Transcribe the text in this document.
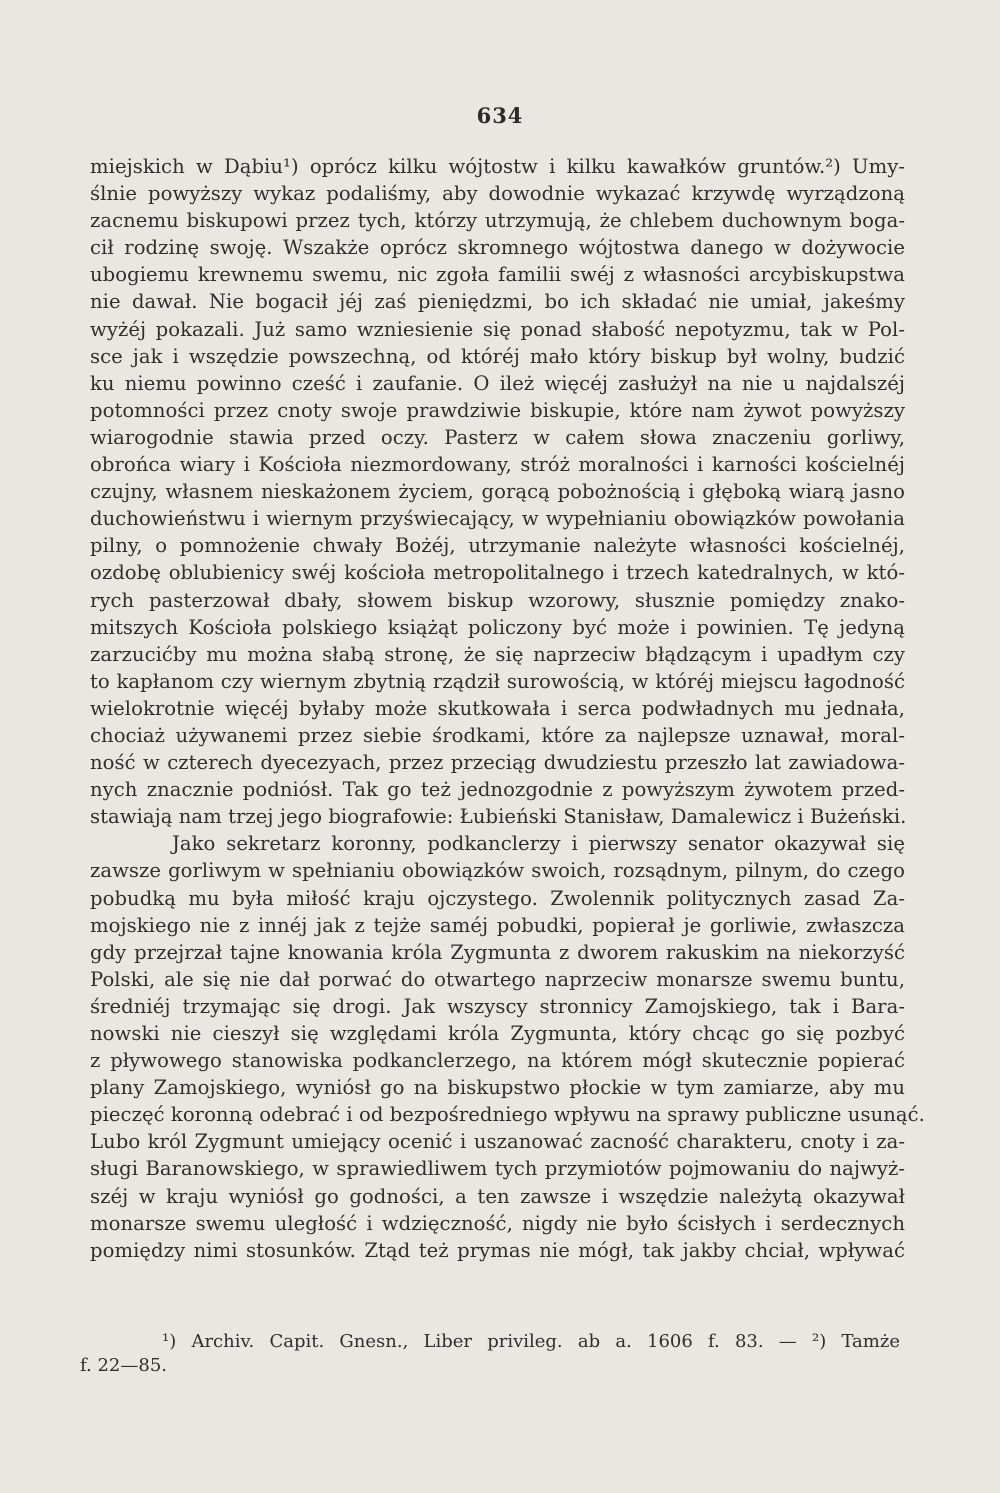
634
miejskich w Dąbiu¹) oprócz kilku wójtostw i kilku kawałków gruntów.²) Umy-
ślnie powyższy wykaz podaliśmy, aby dowodnie wykazać krzywdę wyrządzoną
zacnemu biskupowi przez tych, którzy utrzymują, że chlebem duchownym boga-
cił rodzinę swoję. Wszakże oprócz skromnego wójtostwa danego w dożywocie
ubogiemu krewnemu swemu, nic zgoła familii swéj z własności arcybiskupstwa
nie dawał. Nie bogacił jéj zaś pieniędzmi, bo ich składać nie umiał, jakeśmy
wyżéj pokazali. Już samo wzniesienie się ponad słabość nepotyzmu, tak w Pol-
sce jak i wszędzie powszechną, od któréj mało który biskup był wolny, budzić
ku niemu powinno cześć i zaufanie. O ileż więcéj zasłużył na nie u najdalszéj
potomności przez cnoty swoje prawdziwie biskupie, które nam żywot powyższy
wiarogodnie stawia przed oczy. Pasterz w całem słowa znaczeniu gorliwy,
obrońca wiary i Kościoła niezmordowany, stróż moralności i karności kościelnéj
czujny, własnem nieskażonem życiem, gorącą pobożnością i głęboką wiarą jasno
duchowieństwu i wiernym przyświecający, w wypełnianiu obowiązków powołania
pilny, o pomnożenie chwały Bożéj, utrzymanie należyte własności kościelnéj,
ozdobę oblubienicy swéj kościoła metropolitalnego i trzech katedralnych, w któ-
rych pasterzował dbały, słowem biskup wzorowy, słusznie pomiędzy znako-
mitszych Kościoła polskiego książąt policzony być może i powinien. Tę jedyną
zarzucićby mu można słabą stronę, że się naprzeciw błądzącym i upadłym czy
to kapłanom czy wiernym zbytnią rządził surowością, w któréj miejscu łagodność
wielokrotnie więcéj byłaby może skutkowała i serca podwładnych mu jednała,
chociaż używanemi przez siebie środkami, które za najlepsze uznawał, moral-
ność w czterech dyecezyach, przez przeciąg dwudziestu przeszło lat zawiadowa-
nych znacznie podniósł. Tak go też jednozgodnie z powyższym żywotem przed-
stawiają nam trzej jego biografowie: Łubieński Stanisław, Damalewicz i Bużeński.
Jako sekretarz koronny, podkanclerzy i pierwszy senator okazywał się
zawsze gorliwym w spełnianiu obowiązków swoich, rozsądnym, pilnym, do czego
pobudką mu była miłość kraju ojczystego. Zwolennik politycznych zasad Za-
mojskiego nie z innéj jak z tejże saméj pobudki, popierał je gorliwie, zwłaszcza
gdy przejrzał tajne knowania króla Zygmunta z dworem rakuskim na niekorzyść
Polski, ale się nie dał porwać do otwartego naprzeciw monarsze swemu buntu,
średniéj trzymając się drogi. Jak wszyscy stronnicy Zamojskiego, tak i Bara-
nowski nie cieszył się względami króla Zygmunta, który chcąc go się pozbyć
z pływowego stanowiska podkanclerzego, na którem mógł skutecznie popierać
plany Zamojskiego, wyniósł go na biskupstwo płockie w tym zamiarze, aby mu
pieczęć koronną odebrać i od bezpośredniego wpływu na sprawy publiczne usunąć.
Lubo król Zygmunt umiejący ocenić i uszanować zacność charakteru, cnoty i za-
sługi Baranowskiego, w sprawiedliwem tych przymiotów pojmowaniu do najwyż-
széj w kraju wyniósł go godności, a ten zawsze i wszędzie należytą okazywał
monarsze swemu uległość i wdzięczność, nigdy nie było ścisłych i serdecznych
pomiędzy nimi stosunków. Ztąd też prymas nie mógł, tak jakby chciał, wpływać
¹) Archiv. Capit. Gnesn., Liber privileg. ab a. 1606 f. 83. — ²) Tamże
f. 22—85.
